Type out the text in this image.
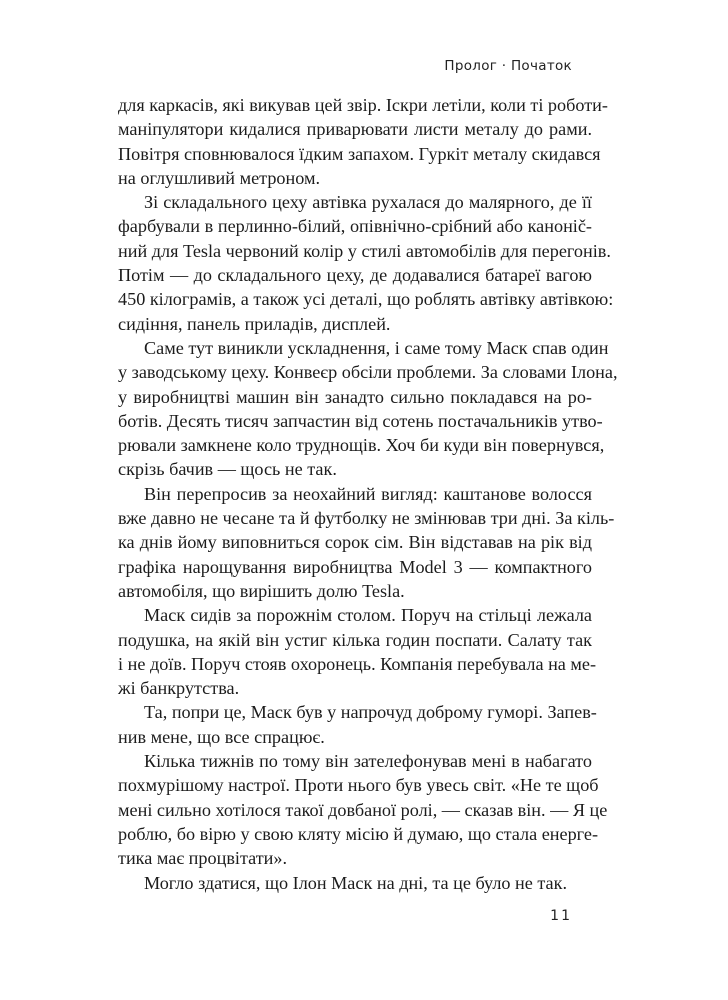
Пролог · Початок
для каркасів, які викував цей звір. Іскри летіли, коли ті роботи-
маніпулятори кидалися приварювати листи металу до рами.
Повітря сповнювалося їдким запахом. Гуркіт металу скидався
на оглушливий метроном.
Зі складального цеху автівка рухалася до малярного, де її
фарбували в перлинно-білий, опівнічно-срібний або канонič-
ний для Tesla червоний колір у стилі автомобілів для перегонів.
Потім — до складального цеху, де додавалися батареї вагою
450 кілограмів, а також усі деталі, що роблять автівку автівкою:
сидіння, панель приладів, дисплей.
Саме тут виникли ускладнення, і саме тому Маск спав один
у заводському цеху. Конвеєр обсіли проблеми. За словами Ілона,
у виробництві машин він занадто сильно покладався на ро-
ботів. Десять тисяч запчастин від сотень постачальників утво-
рювали замкнене коло труднощів. Хоч би куди він повернувся,
скрізь бачив — щось не так.
Він перепросив за неохайний вигляд: каштанове волосся
вже давно не чесане та й футболку не змінював три дні. За кіль-
ка днів йому виповниться сорок сім. Він відставав на рік від
графіка нарощування виробництва Model 3 — компактного
автомобіля, що вирішить долю Tesla.
Маск сидів за порожнім столом. Поруч на стільці лежала
подушка, на якій він устиг кілька годин поспати. Салату так
і не доїв. Поруч стояв охоронець. Компанія перебувала на ме-
жі банкрутства.
Та, попри це, Маск був у напрочуд доброму гуморі. Запев-
нив мене, що все спрацює.
Кілька тижнів по тому він зателефонував мені в набагато
похмурішому настрої. Проти нього був увесь світ. «Не те щоб
мені сильно хотілося такої довбаної ролі, — сказав він. — Я це
роблю, бо вірю у свою кляту місію й думаю, що стала енерге-
тика має процвітати».
Могло здатися, що Ілон Маск на дні, та це було не так.
11
